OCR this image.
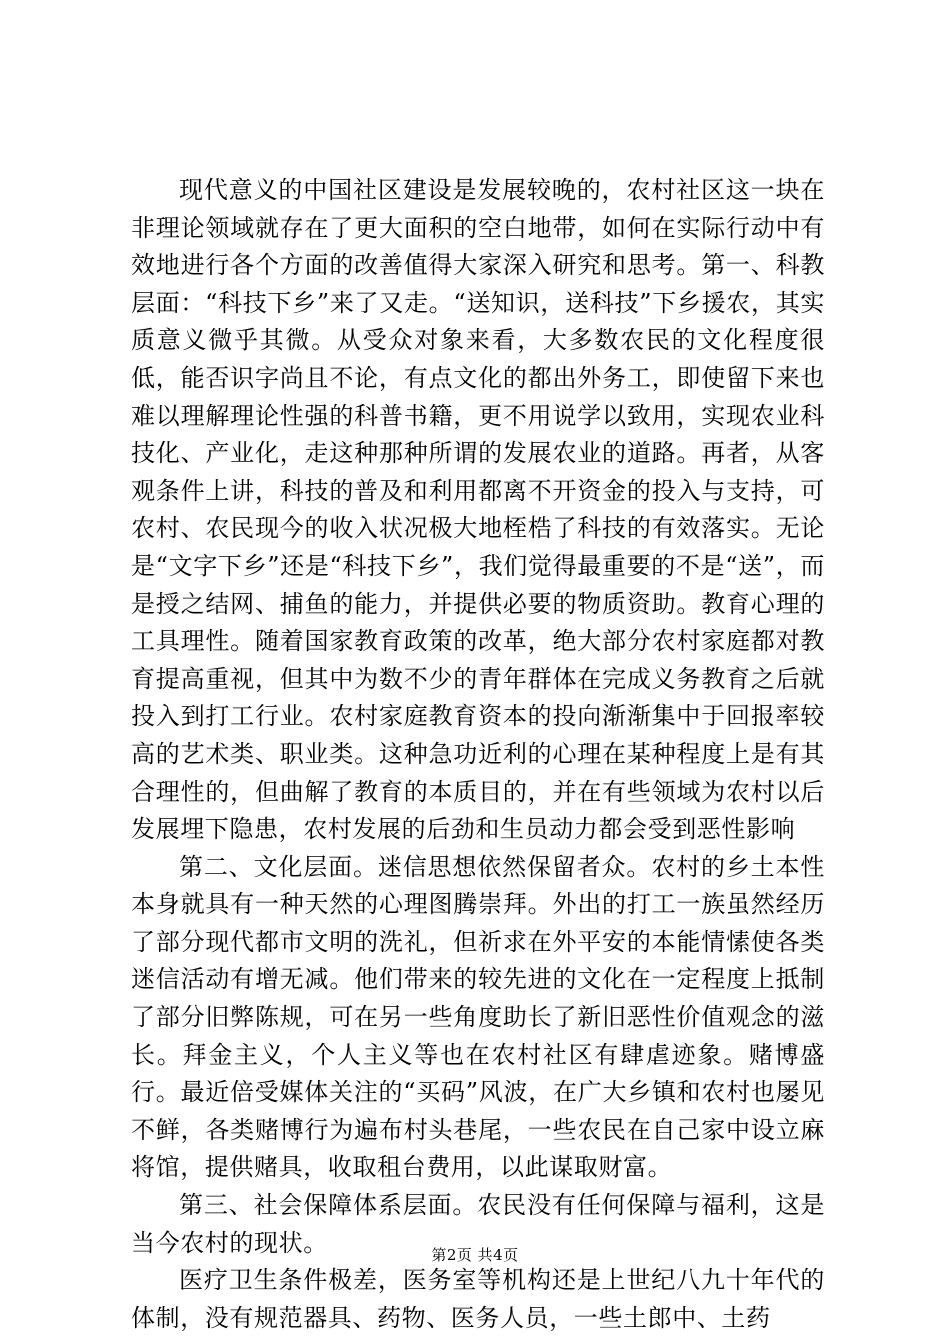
现代意义的中国社区建设是发展较晚的，农村社区这一块在非理论领域就存在了更大面积的空白地带，如何在实际行动中有效地进行各个方面的改善值得大家深入研究和思考。第一、科教层面：“科技下乡”来了又走。“送知识，送科技”下乡援农，其实质意义微乎其微。从受众对象来看，大多数农民的文化程度很低，能否识字尚且不论，有点文化的都出外务工，即使留下来也难以理解理论性强的科普书籍，更不用说学以致用，实现农业科技化、产业化，走这种那种所谓的发展农业的道路。再者，从客观条件上讲，科技的普及和利用都离不开资金的投入与支持，可农村、农民现今的收入状况极大地桎梏了科技的有效落实。无论是“文字下乡”还是“科技下乡”，我们觉得最重要的不是“送”，而是授之结网、捕鱼的能力，并提供必要的物质资助。教育心理的工具理性。随着国家教育政策的改革，绝大部分农村家庭都对教育提高重视，但其中为数不少的青年群体在完成义务教育之后就投入到打工行业。农村家庭教育资本的投向渐渐集中于回报率较高的艺术类、职业类。这种急功近利的心理在某种程度上是有其合理性的，但曲解了教育的本质目的，并在有些领域为农村以后发展埋下隐患，农村发展的后劲和生员动力都会受到恶性影响

第二、文化层面。迷信思想依然保留者众。农村的乡土本性本身就具有一种天然的心理图腾崇拜。外出的打工一族虽然经历了部分现代都市文明的洗礼，但祈求在外平安的本能情愫使各类迷信活动有增无减。他们带来的较先进的文化在一定程度上抵制了部分旧弊陈规，可在另一些角度助长了新旧恶性价值观念的滋长。拜金主义，个人主义等也在农村社区有肆虐迹象。赌博盛行。最近倍受媒体关注的“买码”风波，在广大乡镇和农村也屡见不鲜，各类赌博行为遍布村头巷尾，一些农民在自己家中设立麻将馆，提供赌具，收取租台费用，以此谋取财富。

第三、社会保障体系层面。农民没有任何保障与福利，这是当今农村的现状。

医疗卫生条件极差，医务室等机构还是上世纪八九十年代的体制，没有规范器具、药物、医务人员，一些土郎中、土药

第2页 共4页
